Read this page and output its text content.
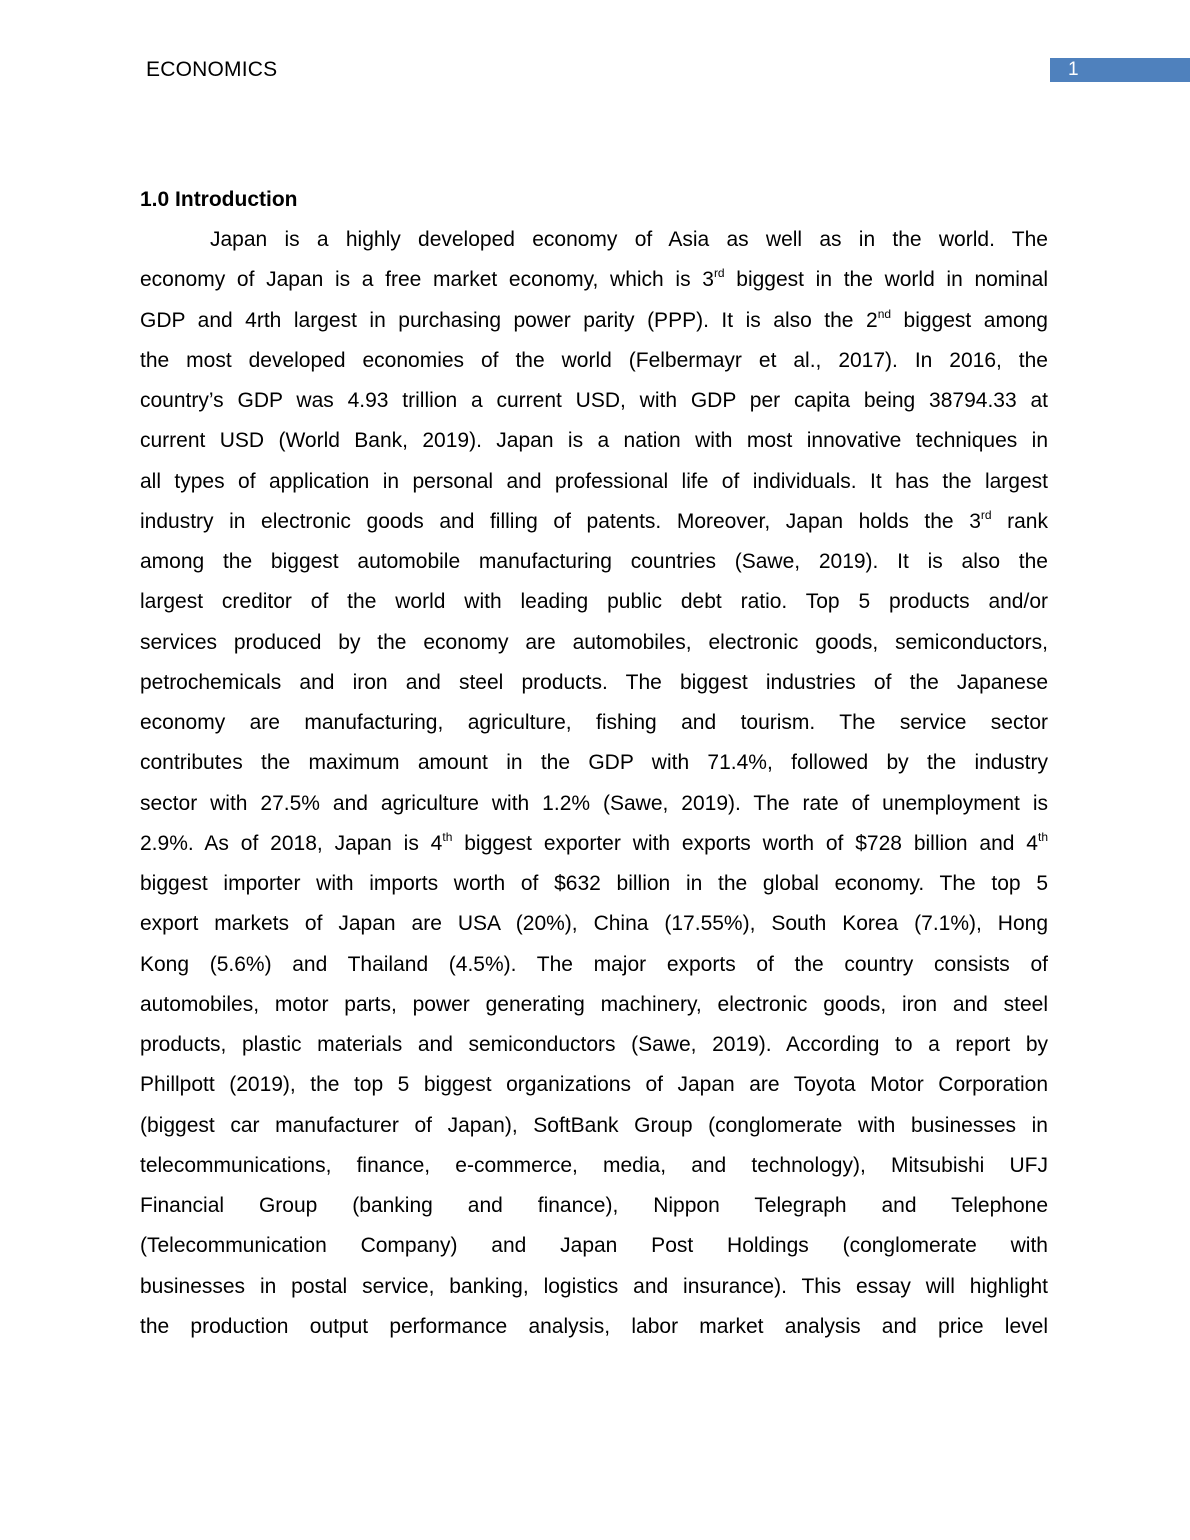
ECONOMICS	1
1.0 Introduction
Japan is a highly developed economy of Asia as well as in the world. The
economy of Japan is a free market economy, which is 3rd biggest in the world in nominal
GDP and 4rth largest in purchasing power parity (PPP). It is also the 2nd biggest among
the most developed economies of the world (Felbermayr et al., 2017). In 2016, the
country’s GDP was 4.93 trillion a current USD, with GDP per capita being 38794.33 at
current USD (World Bank, 2019). Japan is a nation with most innovative techniques in
all types of application in personal and professional life of individuals. It has the largest
industry in electronic goods and filling of patents. Moreover, Japan holds the 3rd rank
among the biggest automobile manufacturing countries (Sawe, 2019). It is also the
largest creditor of the world with leading public debt ratio. Top 5 products and/or
services produced by the economy are automobiles, electronic goods, semiconductors,
petrochemicals and iron and steel products. The biggest industries of the Japanese
economy are manufacturing, agriculture, fishing and tourism. The service sector
contributes the maximum amount in the GDP with 71.4%, followed by the industry
sector with 27.5% and agriculture with 1.2% (Sawe, 2019). The rate of unemployment is
2.9%. As of 2018, Japan is 4th biggest exporter with exports worth of $728 billion and 4th
biggest importer with imports worth of $632 billion in the global economy. The top 5
export markets of Japan are USA (20%), China (17.55%), South Korea (7.1%), Hong
Kong (5.6%) and Thailand (4.5%). The major exports of the country consists of
automobiles, motor parts, power generating machinery, electronic goods, iron and steel
products, plastic materials and semiconductors (Sawe, 2019). According to a report by
Phillpott (2019), the top 5 biggest organizations of Japan are Toyota Motor Corporation
(biggest car manufacturer of Japan), SoftBank Group (conglomerate with businesses in
telecommunications, finance, e-commerce, media, and technology), Mitsubishi UFJ
Financial Group (banking and finance), Nippon Telegraph and Telephone
(Telecommunication Company) and Japan Post Holdings (conglomerate with
businesses in postal service, banking, logistics and insurance). This essay will highlight
the production output performance analysis, labor market analysis and price level
